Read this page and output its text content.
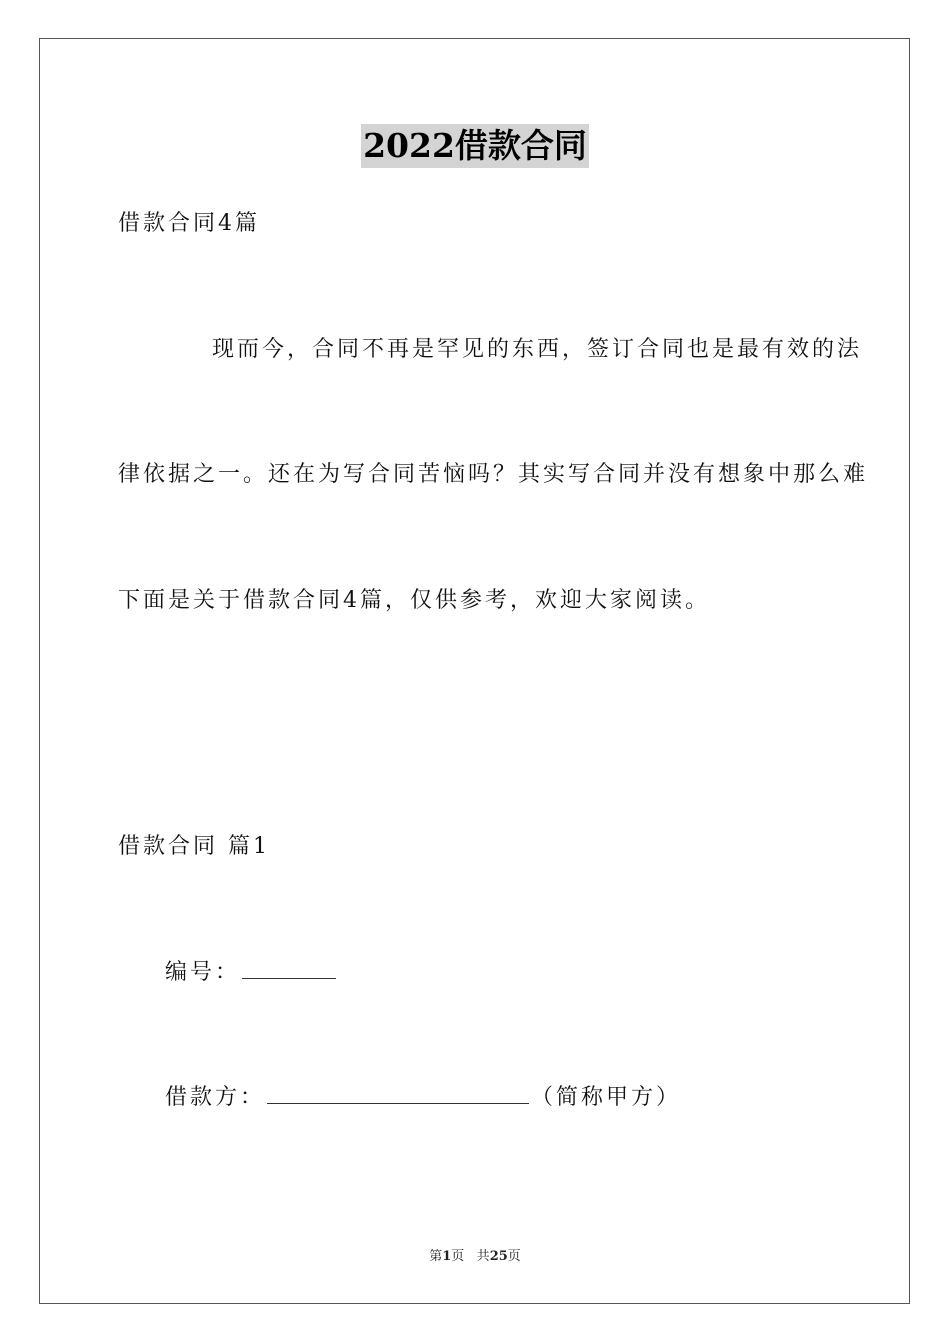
2022借款合同
借款合同4篇
现而今，合同不再是罕见的东西，签订合同也是最有效的法
律依据之一。还在为写合同苦恼吗？其实写合同并没有想象中那么难
下面是关于借款合同4篇，仅供参考，欢迎大家阅读。
借款合同 篇1
编号：
借款方：	（简称甲方）
第1页 共25页
